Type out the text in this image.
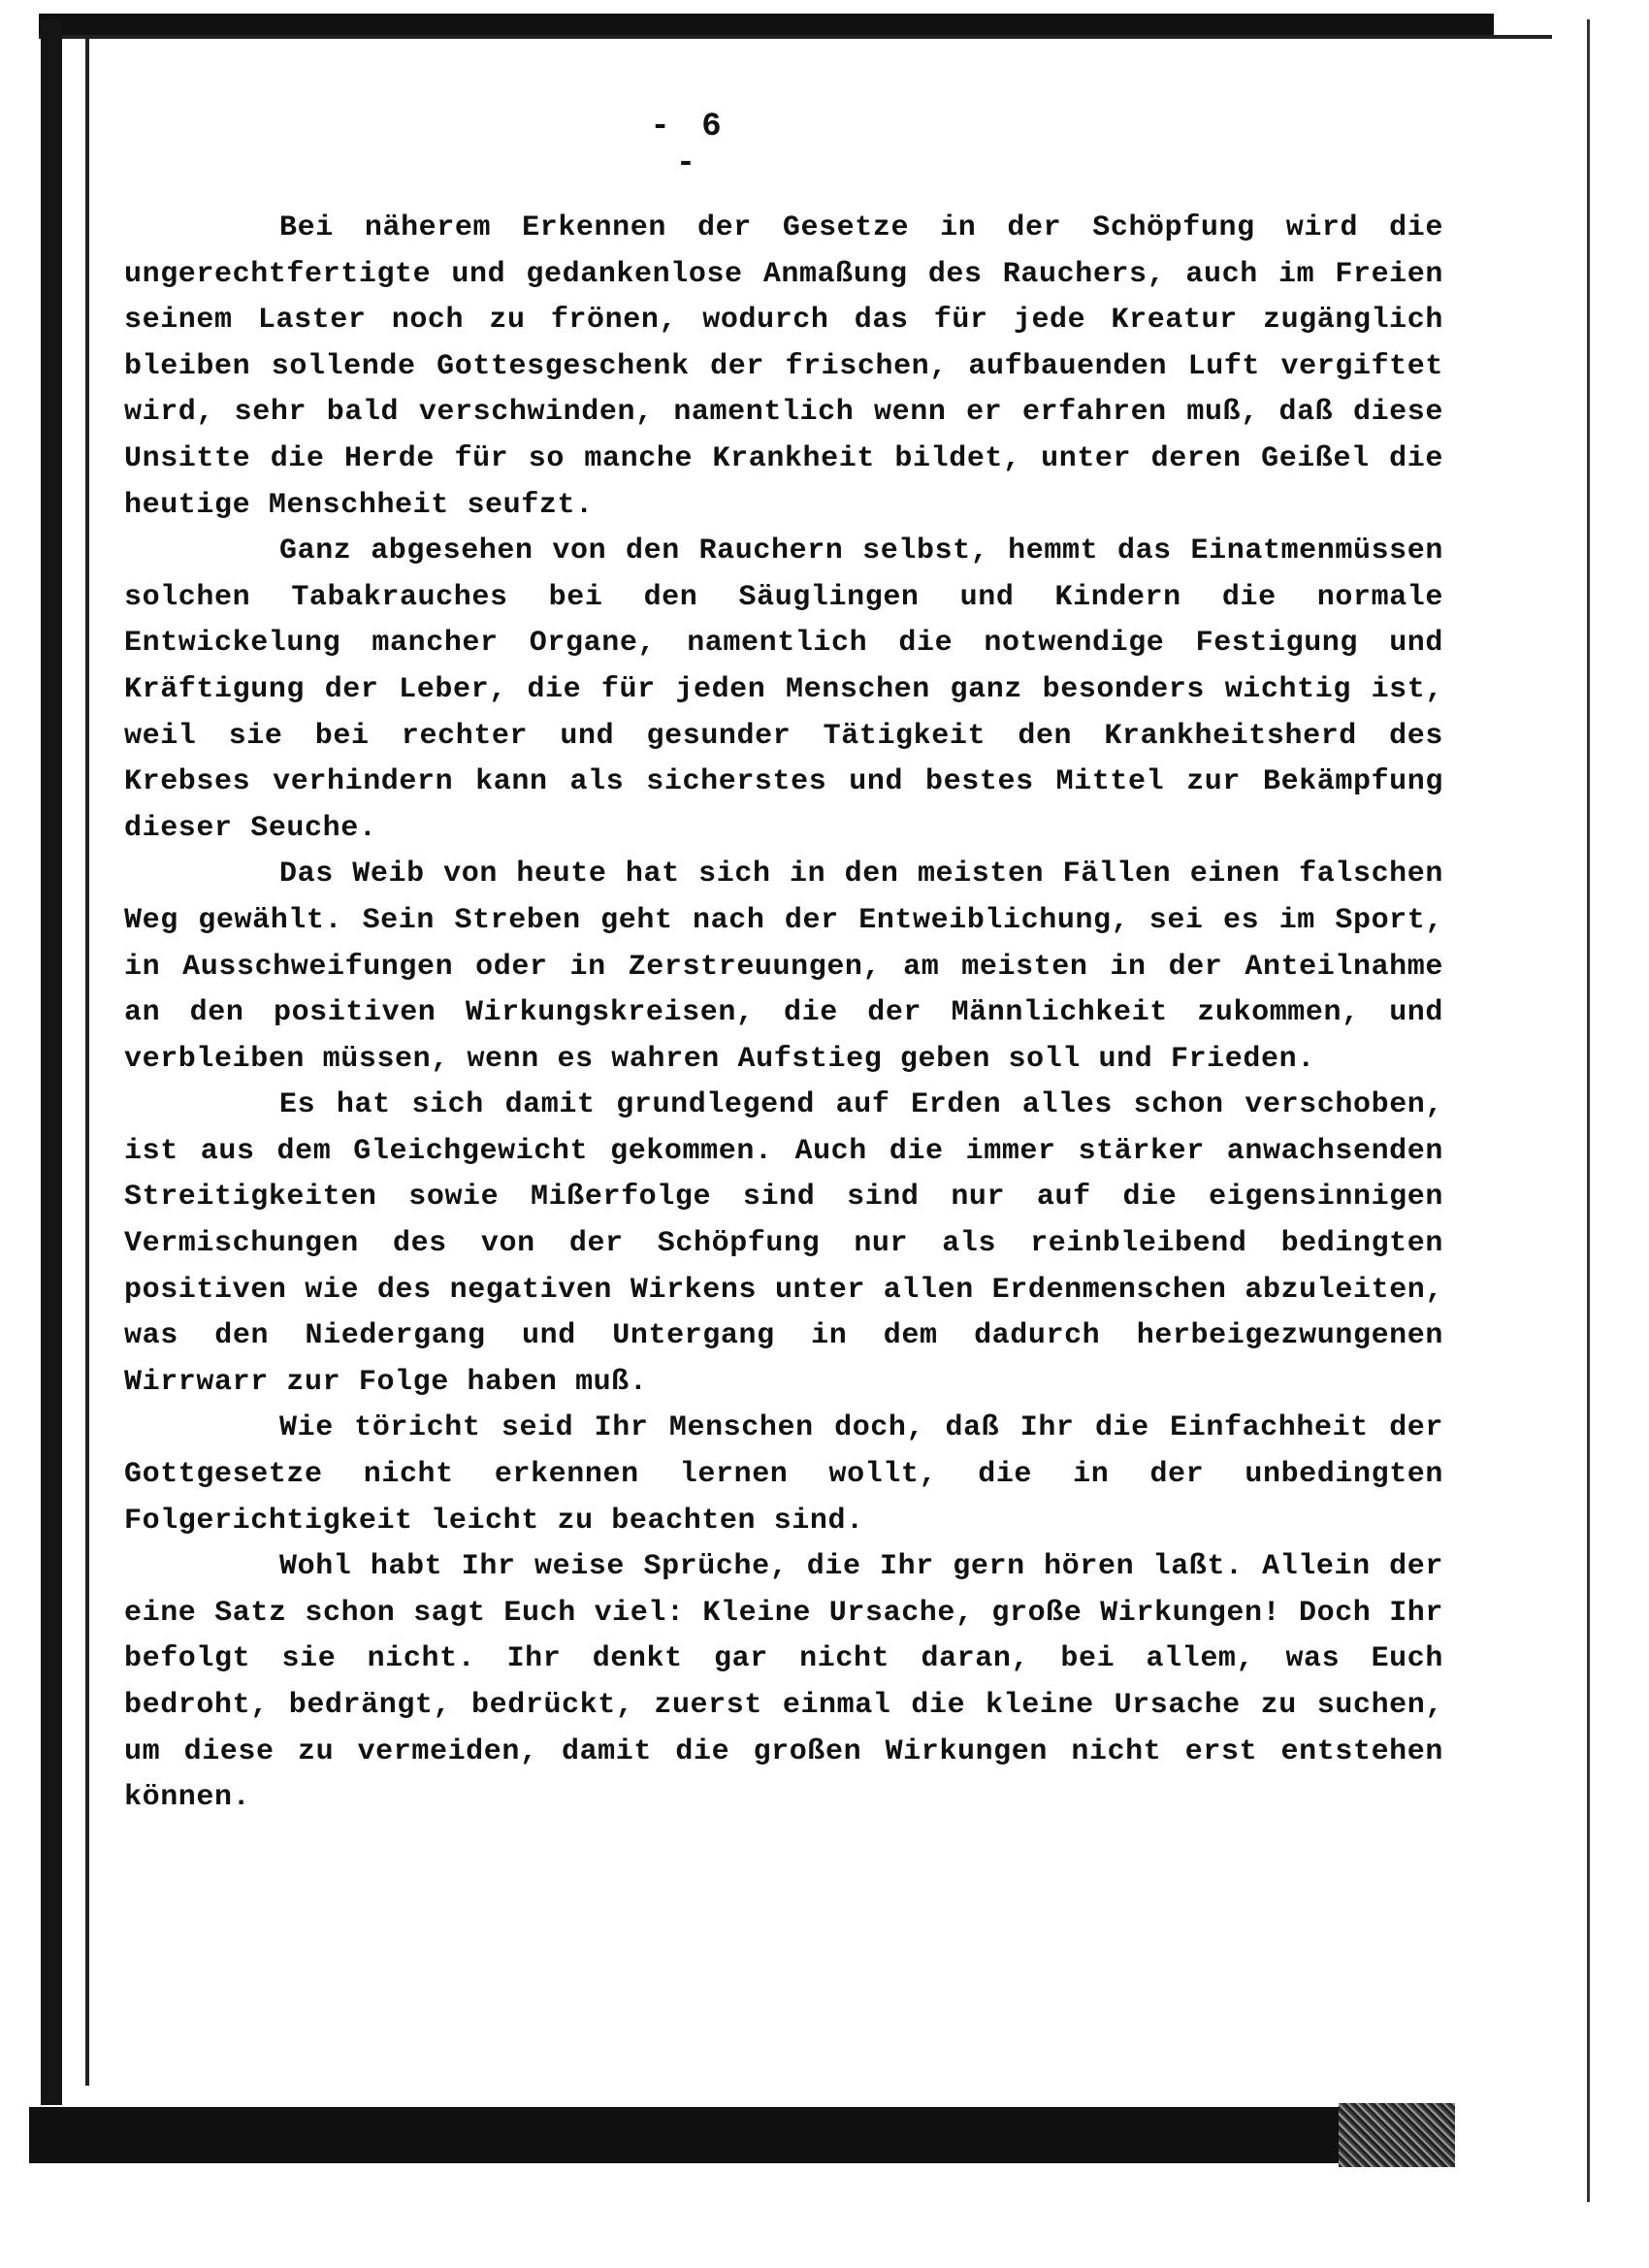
- 6 -

Bei näherem Erkennen der Gesetze in der Schöpfung wird die ungerechtfertigte und gedankenlose Anmaßung des Rauchers, auch im Freien seinem Laster noch zu frönen, wodurch das für jede Kreatur zugänglich bleiben sollende Gottesgeschenk der frischen, aufbauenden Luft vergiftet wird, sehr bald verschwinden, namentlich wenn er erfahren muß, daß diese Unsitte die Herde für so manche Krankheit bildet, unter deren Geißel die heutige Menschheit seufzt.

Ganz abgesehen von den Rauchern selbst, hemmt das Einatmenmüssen solchen Tabakrauches bei den Säuglingen und Kindern die normale Entwickelung mancher Organe, namentlich die notwendige Festigung und Kräftigung der Leber, die für jeden Menschen ganz besonders wichtig ist, weil sie bei rechter und gesunder Tätigkeit den Krankheitsherd des Krebses verhindern kann als sicherstes und bestes Mittel zur Bekämpfung dieser Seuche.

Das Weib von heute hat sich in den meisten Fällen einen falschen Weg gewählt. Sein Streben geht nach der Entweiblichung, sei es im Sport, in Ausschweifungen oder in Zerstreuungen, am meisten in der Anteilnahme an den positiven Wirkungskreisen, die der Männlichkeit zukommen, und verbleiben müssen, wenn es wahren Aufstieg geben soll und Frieden.

Es hat sich damit grundlegend auf Erden alles schon verschoben, ist aus dem Gleichgewicht gekommen. Auch die immer stärker anwachsenden Streitigkeiten sowie Mißerfolge sind sind nur auf die eigensinnigen Vermischungen des von der Schöpfung nur als reinbleibend bedingten positiven wie des negativen Wirkens unter allen Erdenmenschen abzuleiten, was den Niedergang und Untergang in dem dadurch herbeigezwungenen Wirrwarr zur Folge haben muß.

Wie töricht seid Ihr Menschen doch, daß Ihr die Einfachheit der Gottgesetze nicht erkennen lernen wollt, die in der unbedingten Folgerichtigkeit leicht zu beachten sind.

Wohl habt Ihr weise Sprüche, die Ihr gern hören laßt. Allein der eine Satz schon sagt Euch viel: Kleine Ursache, große Wirkungen! Doch Ihr befolgt sie nicht. Ihr denkt gar nicht daran, bei allem, was Euch bedroht, bedrängt, bedrückt, zuerst einmal die kleine Ursache zu suchen, um diese zu vermeiden, damit die großen Wirkungen nicht erst entstehen können.
